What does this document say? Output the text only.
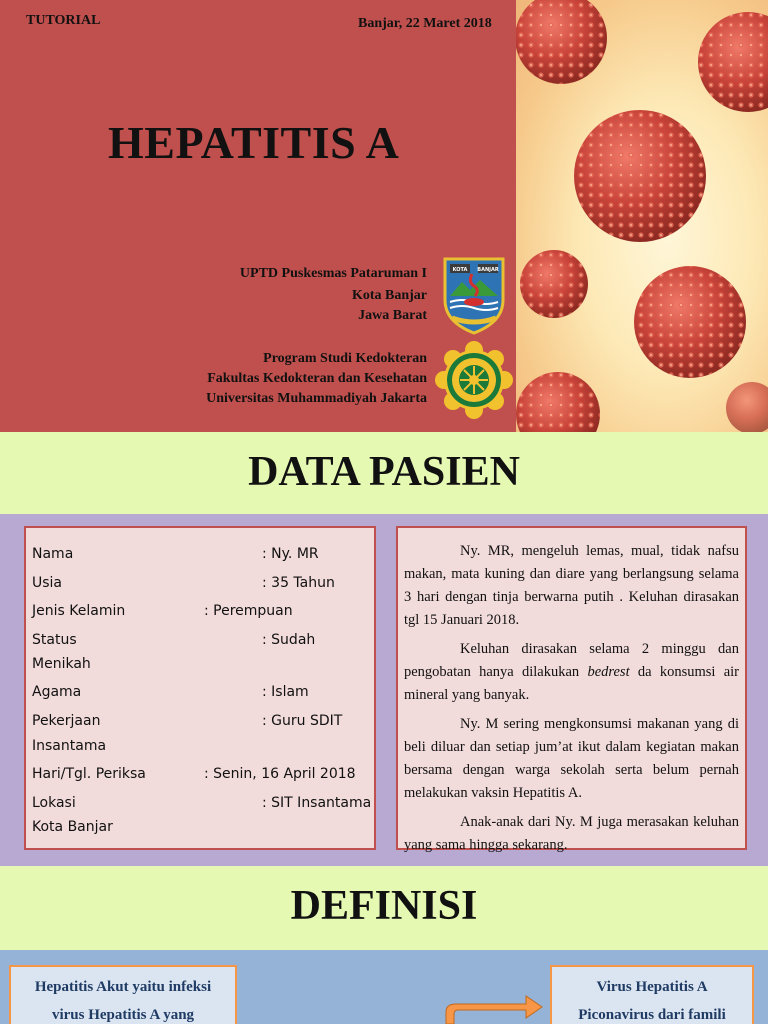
TUTORIAL	Banjar, 22 Maret 2018
HEPATITIS A
UPTD Puskesmas Pataruman I
Kota Banjar
Jawa Barat
Program Studi Kedokteran
Fakultas Kedokteran dan Kesehatan
Universitas Muhammadiyah Jakarta
KOTA BANJAR
DATA PASIEN
Nama	: Ny. MR
Usia	: 35 Tahun
Jenis Kelamin	: Perempuan
Status	: Sudah
Menikah
Agama	: Islam
Pekerjaan	: Guru SDIT
Insantama
Hari/Tgl. Periksa	: Senin, 16 April 2018
Lokasi	: SIT Insantama
Kota Banjar

Ny. MR, mengeluh lemas, mual, tidak nafsu makan, mata kuning dan diare yang berlangsung selama 3 hari dengan tinja berwarna putih . Keluhan dirasakan tgl 15 Januari 2018.

Keluhan dirasakan selama 2 minggu dan pengobatan hanya dilakukan bedrest da konsumsi air mineral yang banyak.

Ny. M sering mengkonsumsi makanan yang di beli diluar dan setiap jum’at ikut dalam kegiatan makan bersama dengan warga sekolah serta belum pernah melakukan vaksin Hepatitis A.

Anak-anak dari Ny. M juga merasakan keluhan yang sama hingga sekarang.

DEFINISI
Hepatitis Akut yaitu infeksi
virus Hepatitis A yang
Virus Hepatitis A
Piconavirus dari famili
